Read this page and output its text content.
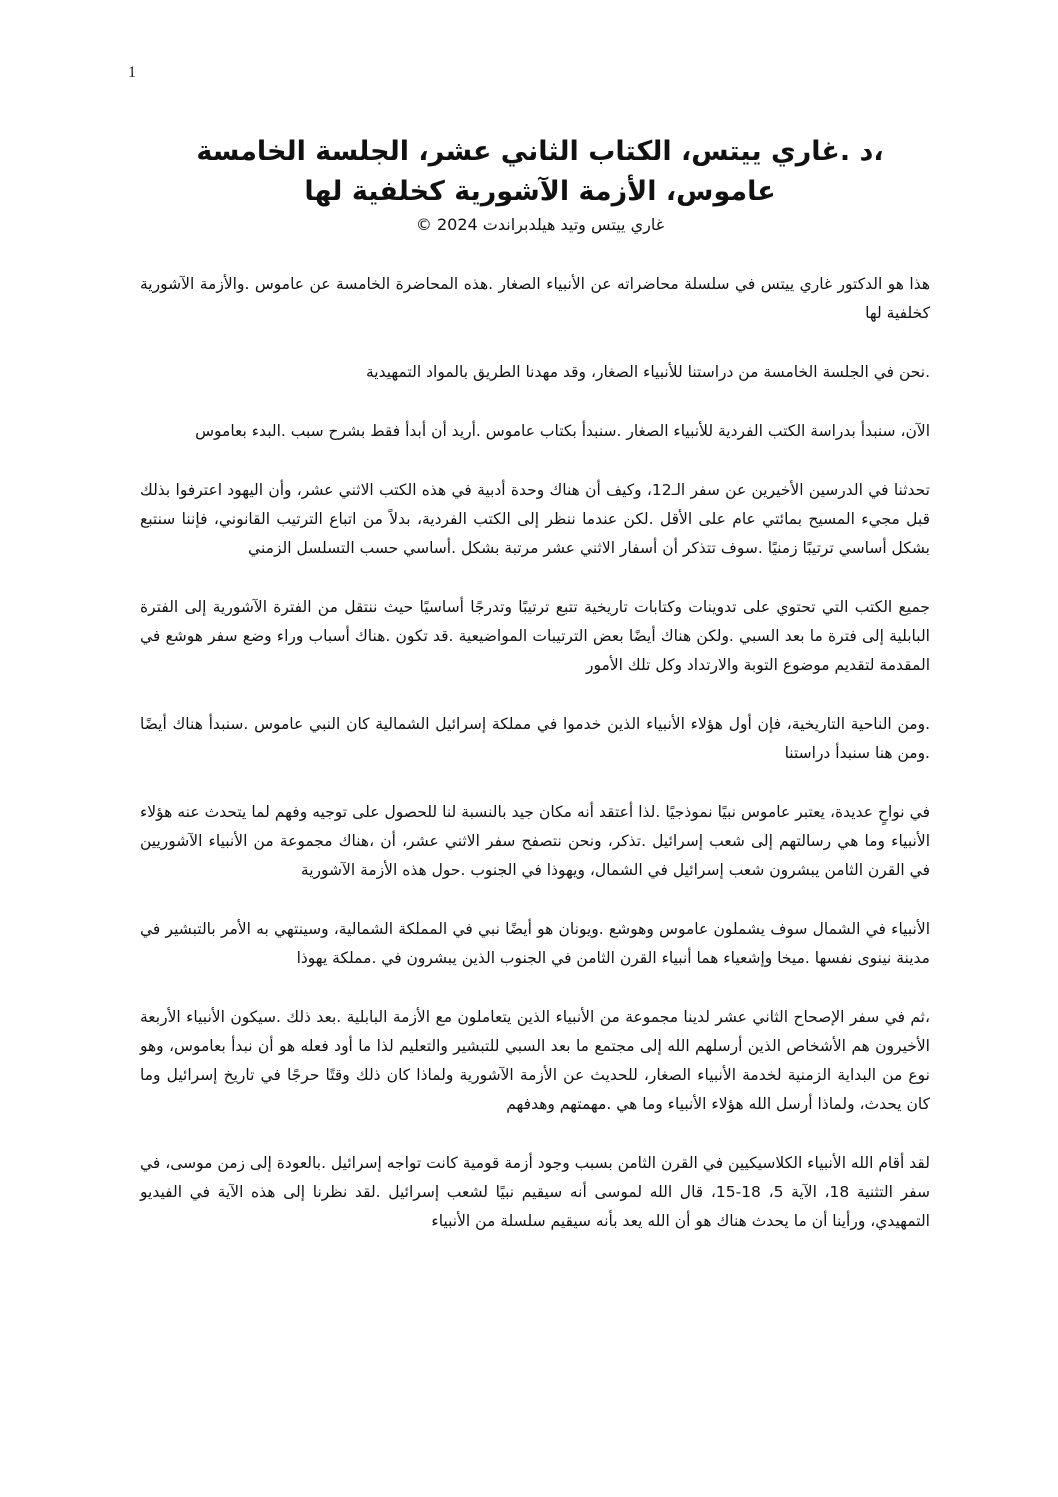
1

،د .غاري ييتس، الكتاب الثاني عشر، الجلسة الخامسة

عاموس، الأزمة الآشورية كخلفية لها

غاري ييتس وتيد هيلدبراندت 2024 ©

هذا هو الدكتور غاري ييتس في سلسلة محاضراته عن الأنبياء الصغار .هذه المحاضرة الخامسة عن عاموس .والأزمة الآشورية كخلفية لها

.نحن في الجلسة الخامسة من دراستنا للأنبياء الصغار، وقد مهدنا الطريق بالمواد التمهيدية

الآن، سنبدأ بدراسة الكتب الفردية للأنبياء الصغار .سنبدأ بكتاب عاموس .أريد أن أبدأ فقط بشرح سبب .البدء بعاموس

تحدثنا في الدرسين الأخيرين عن سفر الـ12، وكيف أن هناك وحدة أدبية في هذه الكتب الاثني عشر، وأن اليهود اعترفوا بذلك قبل مجيء المسيح بمائتي عام على الأقل .لكن عندما ننظر إلى الكتب الفردية، بدلاً من اتباع الترتيب القانوني، فإننا سنتبع بشكل أساسي ترتيبًا زمنيًا .سوف تتذكر أن أسفار الاثني عشر مرتبة بشكل .أساسي حسب التسلسل الزمني

جميع الكتب التي تحتوي على تدوينات وكتابات تاريخية تتبع ترتيبًا وتدرجًا أساسيًا حيث ننتقل من الفترة الآشورية إلى الفترة البابلية إلى فترة ما بعد السبي .ولكن هناك أيضًا بعض الترتيبات المواضيعية .قد تكون .هناك أسباب وراء وضع سفر هوشع في المقدمة لتقديم موضوع التوبة والارتداد وكل تلك الأمور

.ومن الناحية التاريخية، فإن أول هؤلاء الأنبياء الذين خدموا في مملكة إسرائيل الشمالية كان النبي عاموس .سنبدأ هناك أيضًا .ومن هنا سنبدأ دراستنا

في نواحٍ عديدة، يعتبر عاموس نبيًا نموذجيًا .لذا أعتقد أنه مكان جيد بالنسبة لنا للحصول على توجيه وفهم لما يتحدث عنه هؤلاء الأنبياء وما هي رسالتهم إلى شعب إسرائيل .تذكر، ونحن نتصفح سفر الاثني عشر، أن ،هناك مجموعة من الأنبياء الآشوريين في القرن الثامن يبشرون شعب إسرائيل في الشمال، ويهوذا في الجنوب .حول هذه الأزمة الآشورية

الأنبياء في الشمال سوف يشملون عاموس وهوشع .ويونان هو أيضًا نبي في المملكة الشمالية، وسينتهي به الأمر بالتبشير في مدينة نينوى نفسها .ميخا وإشعياء هما أنبياء القرن الثامن في الجنوب الذين يبشرون في .مملكة يهوذا

،ثم في سفر الإصحاح الثاني عشر لدينا مجموعة من الأنبياء الذين يتعاملون مع الأزمة البابلية .بعد ذلك .سيكون الأنبياء الأربعة الأخيرون هم الأشخاص الذين أرسلهم الله إلى مجتمع ما بعد السبي للتبشير والتعليم لذا ما أود فعله هو أن نبدأ بعاموس، وهو نوع من البداية الزمنية لخدمة الأنبياء الصغار، للحديث عن الأزمة الآشورية ولماذا كان ذلك وقتًا حرجًا في تاريخ إسرائيل وما كان يحدث، ولماذا أرسل الله هؤلاء الأنبياء وما هي .مهمتهم وهدفهم

لقد أقام الله الأنبياء الكلاسيكيين في القرن الثامن بسبب وجود أزمة قومية كانت تواجه إسرائيل .بالعودة إلى زمن موسى، في سفر التثنية 18، الآية 5، 18-15، قال الله لموسى أنه سيقيم نبيًا لشعب إسرائيل .لقد نظرنا إلى هذه الآية في الفيديو التمهيدي، ورأينا أن ما يحدث هناك هو أن الله يعد بأنه سيقيم سلسلة من الأنبياء
